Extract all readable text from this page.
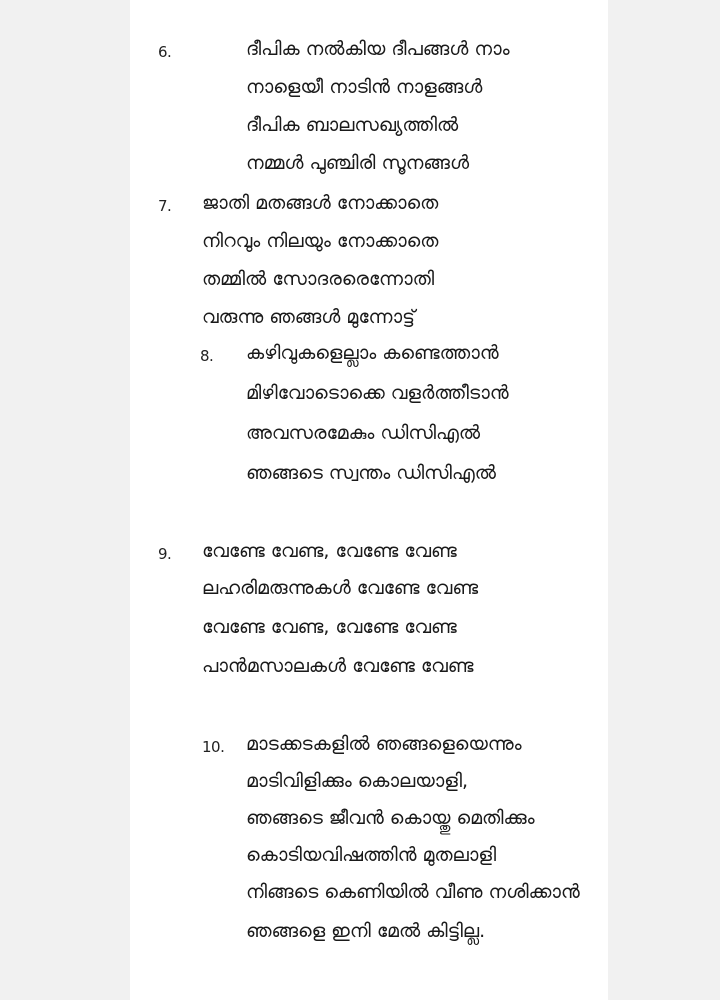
6.	ദീപിക നൽകിയ ദീപങ്ങൾ നാം
നാളെയീ നാടിൻ നാളങ്ങൾ
ദീപിക ബാലസഖ്യത്തിൽ
നമ്മൾ പുഞ്ചിരി സൂനങ്ങൾ
7. ജാതി മതങ്ങൾ നോക്കാതെ
നിറവും നിലയും നോക്കാതെ
തമ്മിൽ സോദരരെന്നോതി
വരുന്നു ഞങ്ങൾ മുന്നോട്ട്
8. കഴിവുകളെല്ലാം കണ്ടെത്താൻ
മിഴിവോടൊക്കെ വളർത്തീടാൻ
അവസരമേകും ഡിസിഎൽ
ഞങ്ങടെ സ്വന്തം ഡിസിഎൽ
9. വേണ്ടേ വേണ്ട, വേണ്ടേ വേണ്ട
ലഹരിമരുന്നുകൾ വേണ്ടേ വേണ്ട
വേണ്ടേ വേണ്ട, വേണ്ടേ വേണ്ട
പാൻമസാലകൾ വേണ്ടേ വേണ്ട
10. മാടക്കടകളിൽ ഞങ്ങളെയെന്നും
മാടിവിളിക്കും കൊലയാളി,
ഞങ്ങടെ ജീവൻ കൊയ്തു മെതിക്കും
കൊടിയവിഷത്തിൻ മുതലാളി
നിങ്ങടെ കെണിയിൽ വീണു നശിക്കാൻ
ഞങ്ങളെ ഇനി മേൽ കിട്ടില്ല.
